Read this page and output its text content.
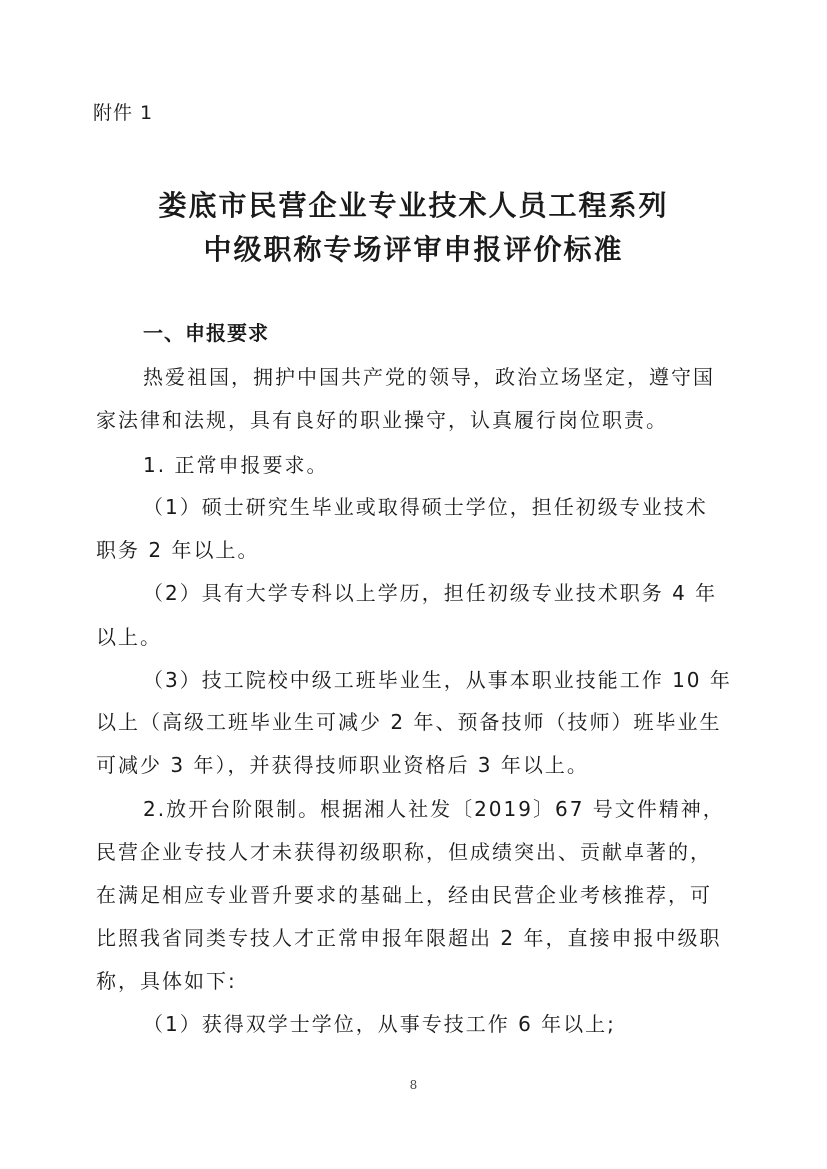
附件 1
娄底市民营企业专业技术人员工程系列
中级职称专场评审申报评价标准
一、申报要求
热爱祖国，拥护中国共产党的领导，政治立场坚定，遵守国
家法律和法规，具有良好的职业操守，认真履行岗位职责。
1. 正常申报要求。
（1）硕士研究生毕业或取得硕士学位，担任初级专业技术
职务 2 年以上。
（2）具有大学专科以上学历，担任初级专业技术职务 4 年
以上。
（3）技工院校中级工班毕业生，从事本职业技能工作 10 年
以上（高级工班毕业生可减少 2 年、预备技师（技师）班毕业生
可减少 3 年），并获得技师职业资格后 3 年以上。
2.放开台阶限制。根据湘人社发〔2019〕67 号文件精神，
民营企业专技人才未获得初级职称，但成绩突出、贡献卓著的，
在满足相应专业晋升要求的基础上，经由民营企业考核推荐，可
比照我省同类专技人才正常申报年限超出 2 年，直接申报中级职
称，具体如下:
（1）获得双学士学位，从事专技工作 6 年以上;
8
